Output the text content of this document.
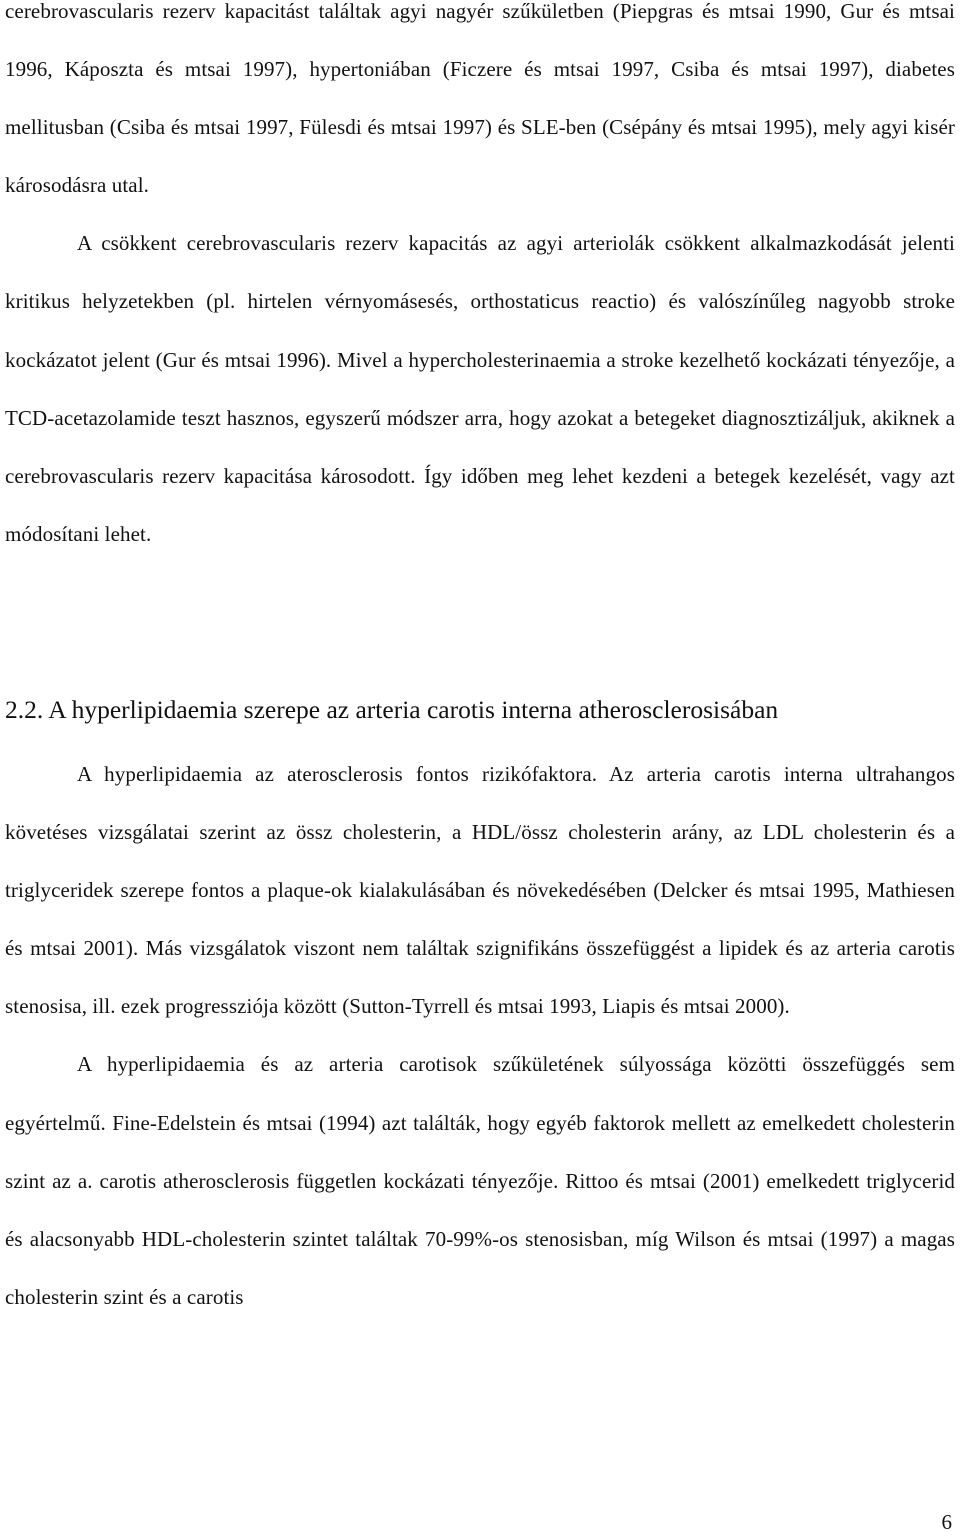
cerebrovascularis rezerv kapacitást találtak agyi nagyér szűkületben (Piepgras és mtsai 1990, Gur és mtsai 1996, Káposzta és mtsai 1997), hypertoniában (Ficzere és mtsai 1997, Csiba és mtsai 1997), diabetes mellitusban (Csiba és mtsai 1997, Fülesdi és mtsai 1997) és SLE-ben (Csépány és mtsai 1995), mely agyi kisér károsodásra utal.
A csökkent cerebrovascularis rezerv kapacitás az agyi arteriolák csökkent alkalmazkodását jelenti kritikus helyzetekben (pl. hirtelen vérnyomásesés, orthostaticus reactio) és valószínűleg nagyobb stroke kockázatot jelent (Gur és mtsai 1996). Mivel a hypercholesterinaemia a stroke kezelhető kockázati tényezője, a TCD-acetazolamide teszt hasznos, egyszerű módszer arra, hogy azokat a betegeket diagnosztizáljuk, akiknek a cerebrovascularis rezerv kapacitása károsodott. Így időben meg lehet kezdeni a betegek kezelését, vagy azt módosítani lehet.
2.2. A hyperlipidaemia szerepe az arteria carotis interna atherosclerosisában
A hyperlipidaemia az aterosclerosis fontos rizikófaktora. Az arteria carotis interna ultrahangos követéses vizsgálatai szerint az össz cholesterin, a HDL/össz cholesterin arány, az LDL cholesterin és a triglyceridek szerepe fontos a plaque-ok kialakulásában és növekedésében (Delcker és mtsai 1995, Mathiesen és mtsai 2001). Más vizsgálatok viszont nem találtak szignifikáns összefüggést a lipidek és az arteria carotis stenosisa, ill. ezek progressziója között (Sutton-Tyrrell és mtsai 1993, Liapis és mtsai 2000).
A hyperlipidaemia és az arteria carotisok szűkületének súlyossága közötti összefüggés sem egyértelmű. Fine-Edelstein és mtsai (1994) azt találták, hogy egyéb faktorok mellett az emelkedett cholesterin szint az a. carotis atherosclerosis független kockázati tényezője. Rittoo és mtsai (2001) emelkedett triglycerid és alacsonyabb HDL-cholesterin szintet találtak 70-99%-os stenosisban, míg Wilson és mtsai (1997) a magas cholesterin szint és a carotis
6
